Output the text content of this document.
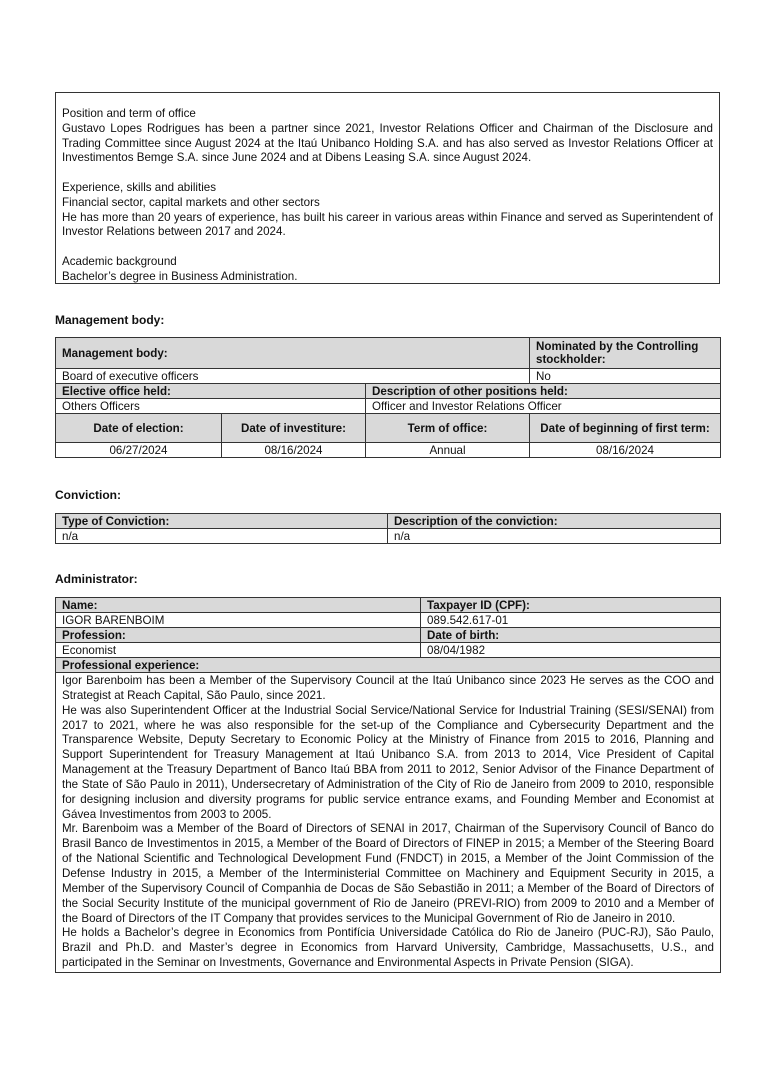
Position and term of office

Gustavo Lopes Rodrigues has been a partner since 2021, Investor Relations Officer and Chairman of the Disclosure and Trading Committee since August 2024 at the Itaú Unibanco Holding S.A. and has also served as Investor Relations Officer at Investimentos Bemge S.A. since June 2024 and at Dibens Leasing S.A. since August 2024.

Experience, skills and abilities

Financial sector, capital markets and other sectors

He has more than 20 years of experience, has built his career in various areas within Finance and served as Superintendent of Investor Relations between 2017 and 2024.

Academic background

Bachelor’s degree in Business Administration.

Management body:
Management body:			Nominated by the Controlling stockholder:
Board of executive officers			No
Elective office held:		Description of other positions held:	
Others Officers		Officer and Investor Relations Officer	
Date of election:	Date of investiture:	Term of office:	Date of beginning of first term:
06/27/2024	08/16/2024	Annual	08/16/2024
Conviction:
Type of Conviction:	Description of the conviction:
n/a	n/a
Administrator:
Name:	Taxpayer ID (CPF):
IGOR BARENBOIM	089.542.617-01
Profession:	Date of birth:
Economist	08/04/1982
Professional experience:	

Igor Barenboim has been a Member of the Supervisory Council at the Itaú Unibanco since 2023 He serves as the COO and Strategist at Reach Capital, São Paulo, since 2021.

He was also Superintendent Officer at the Industrial Social Service/National Service for Industrial Training (SESI/SENAI) from 2017 to 2021, where he was also responsible for the set-up of the Compliance and Cybersecurity Department and the Transparence Website, Deputy Secretary to Economic Policy at the Ministry of Finance from 2015 to 2016, Planning and Support Superintendent for Treasury Management at Itaú Unibanco S.A. from 2013 to 2014, Vice President of Capital Management at the Treasury Department of Banco Itaú BBA from 2011 to 2012, Senior Advisor of the Finance Department of the State of São Paulo in 2011), Undersecretary of Administration of the City of Rio de Janeiro from 2009 to 2010, responsible for designing inclusion and diversity programs for public service entrance exams, and Founding Member and Economist at Gávea Investimentos from 2003 to 2005.

Mr. Barenboim was a Member of the Board of Directors of SENAI in 2017, Chairman of the Supervisory Council of Banco do Brasil Banco de Investimentos in 2015, a Member of the Board of Directors of FINEP in 2015; a Member of the Steering Board of the National Scientific and Technological Development Fund (FNDCT) in 2015, a Member of the Joint Commission of the Defense Industry in 2015, a Member of the Interministerial Committee on Machinery and Equipment Security in 2015, a Member of the Supervisory Council of Companhia de Docas de São Sebastião in 2011; a Member of the Board of Directors of the Social Security Institute of the municipal government of Rio de Janeiro (PREVI-RIO) from 2009 to 2010 and a Member of the Board of Directors of the IT Company that provides services to the Municipal Government of Rio de Janeiro in 2010.

He holds a Bachelor’s degree in Economics from Pontifícia Universidade Católica do Rio de Janeiro (PUC-RJ), São Paulo, Brazil and Ph.D. and Master’s degree in Economics from Harvard University, Cambridge, Massachusetts, U.S., and participated in the Seminar on Investments, Governance and Environmental Aspects in Private Pension (SIGA).	
